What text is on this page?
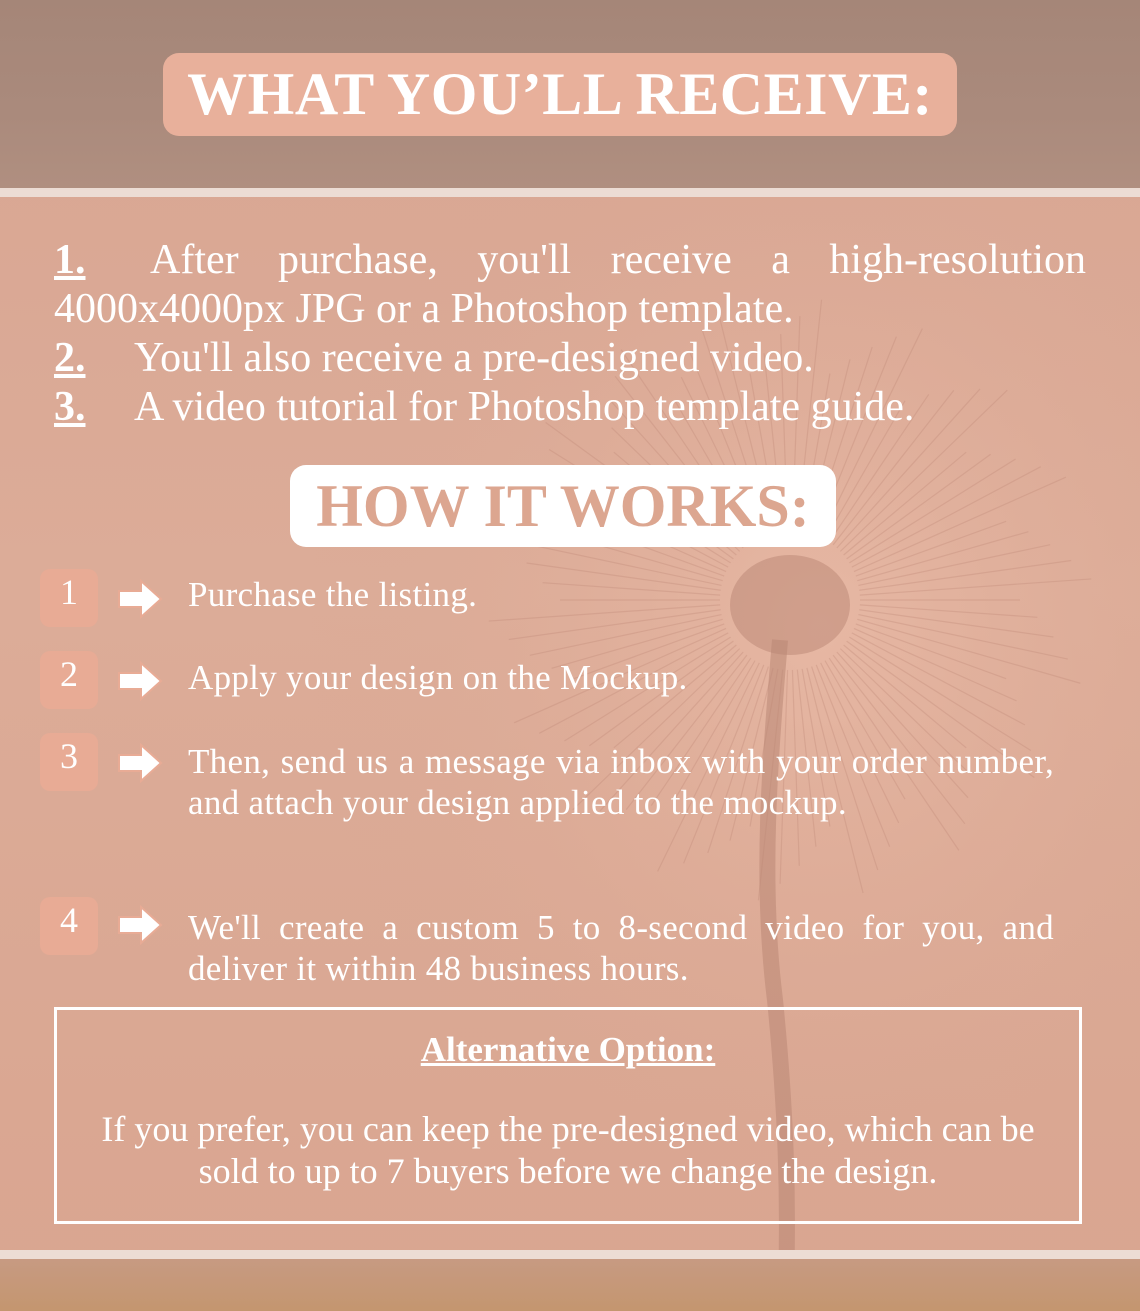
WHAT YOU’LL RECEIVE:
1. After purchase, you'll receive a high-resolution 4000x4000px JPG or a Photoshop template.
2. You'll also receive a pre-designed video.
3. A video tutorial for Photoshop template guide.
HOW IT WORKS:
1	Purchase the listing.
2	Apply your design on the Mockup.
3	Then, send us a message via inbox with your order number, and attach your design applied to the mockup.
4	We'll create a custom 5 to 8-second video for you, and deliver it within 48 business hours.
Alternative Option:
If you prefer, you can keep the pre-designed video, which can be sold to up to 7 buyers before we change the design.
